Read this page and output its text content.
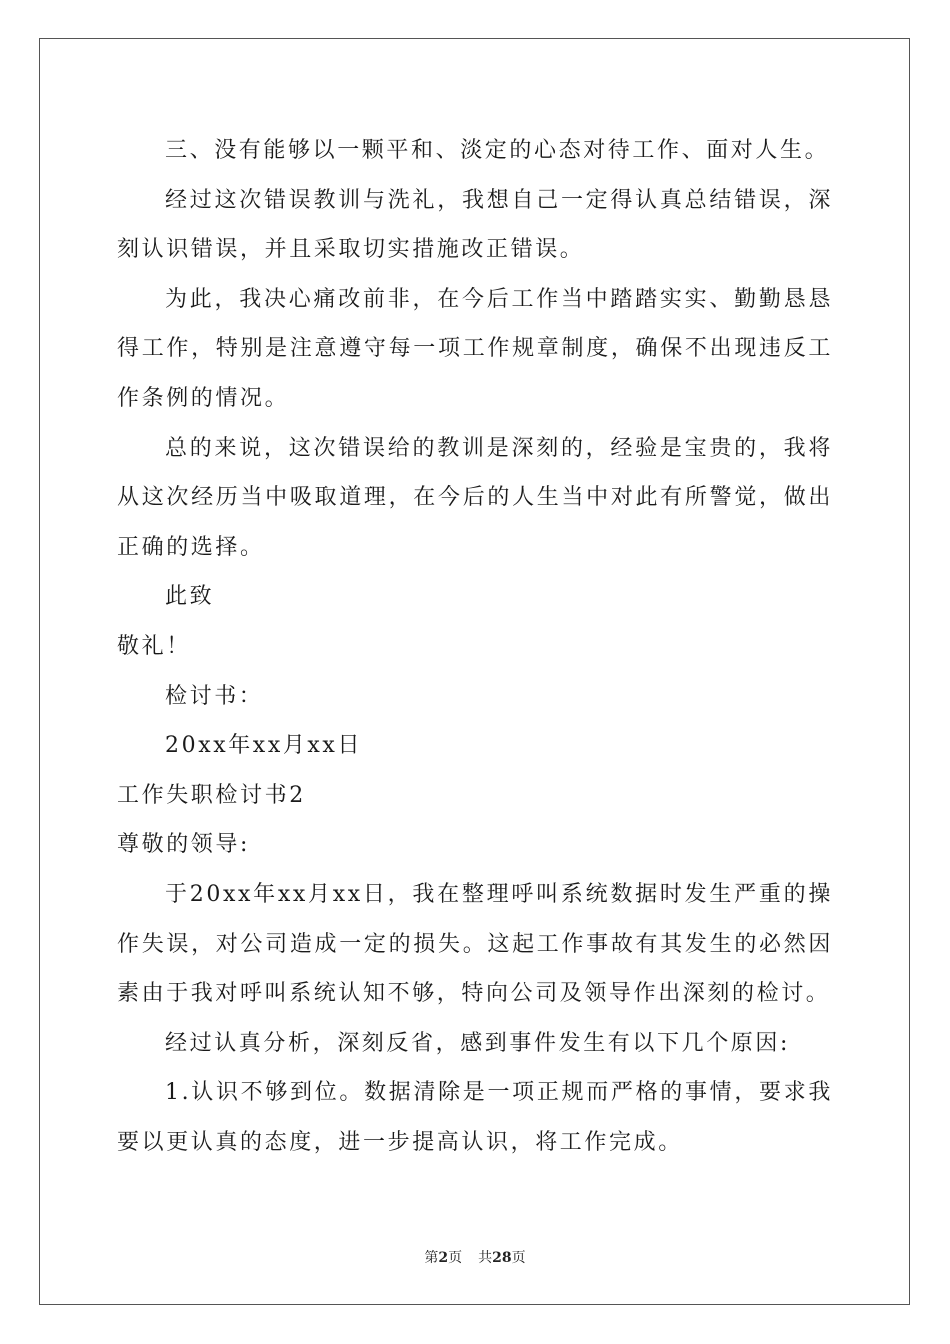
三、没有能够以一颗平和、淡定的心态对待工作、面对人生。

经过这次错误教训与洗礼，我想自己一定得认真总结错误，深刻认识错误，并且采取切实措施改正错误。

为此，我决心痛改前非，在今后工作当中踏踏实实、勤勤恳恳得工作，特别是注意遵守每一项工作规章制度，确保不出现违反工作条例的情况。

总的来说，这次错误给的教训是深刻的，经验是宝贵的，我将从这次经历当中吸取道理，在今后的人生当中对此有所警觉，做出正确的选择。

此致

敬礼！

检讨书：

20xx年xx月xx日

工作失职检讨书2

尊敬的领导:

于20xx年xx月xx日，我在整理呼叫系统数据时发生严重的操作失误，对公司造成一定的损失。这起工作事故有其发生的必然因素由于我对呼叫系统认知不够，特向公司及领导作出深刻的检讨。

经过认真分析，深刻反省，感到事件发生有以下几个原因:

1.认识不够到位。数据清除是一项正规而严格的事情，要求我要以更认真的态度，进一步提高认识，将工作完成。

第2页 共28页
